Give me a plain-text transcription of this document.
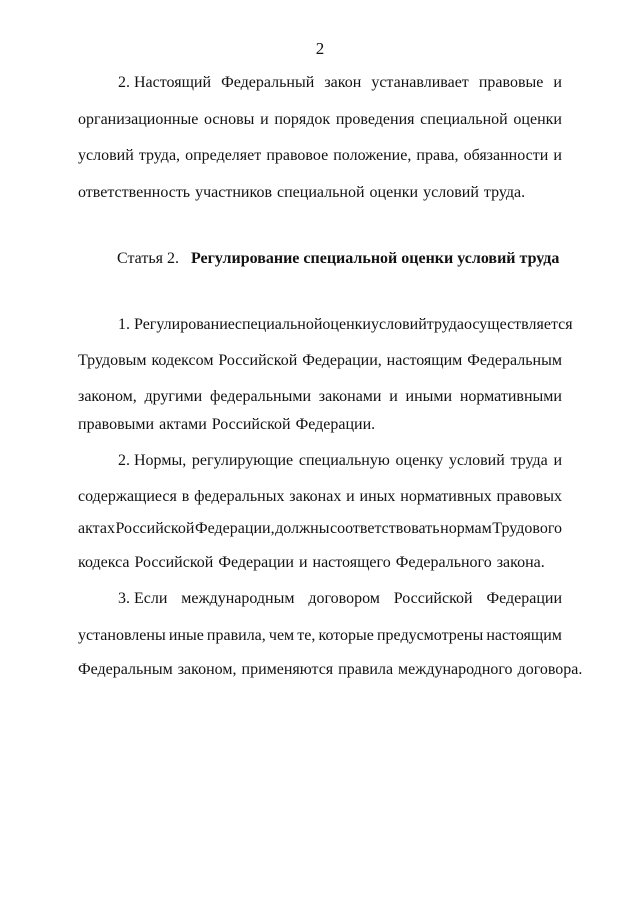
2
2. Настоящий Федеральный закон устанавливает правовые и
организационные основы и порядок проведения специальной оценки
условий труда, определяет правовое положение, права, обязанности и
ответственность участников специальной оценки условий труда.
Статья 2. Регулирование специальной оценки условий труда
1. Регулирование специальной оценки условий труда осуществляется
Трудовым кодексом Российской Федерации, настоящим Федеральным
законом, другими федеральными законами и иными нормативными
правовыми актами Российской Федерации.
2. Нормы, регулирующие специальную оценку условий труда и
содержащиеся в федеральных законах и иных нормативных правовых
актах Российской Федерации, должны соответствовать нормам Трудового
кодекса Российской Федерации и настоящего Федерального закона.
3. Если международным договором Российской Федерации
установлены иные правила, чем те, которые предусмотрены настоящим
Федеральным законом, применяются правила международного договора.
